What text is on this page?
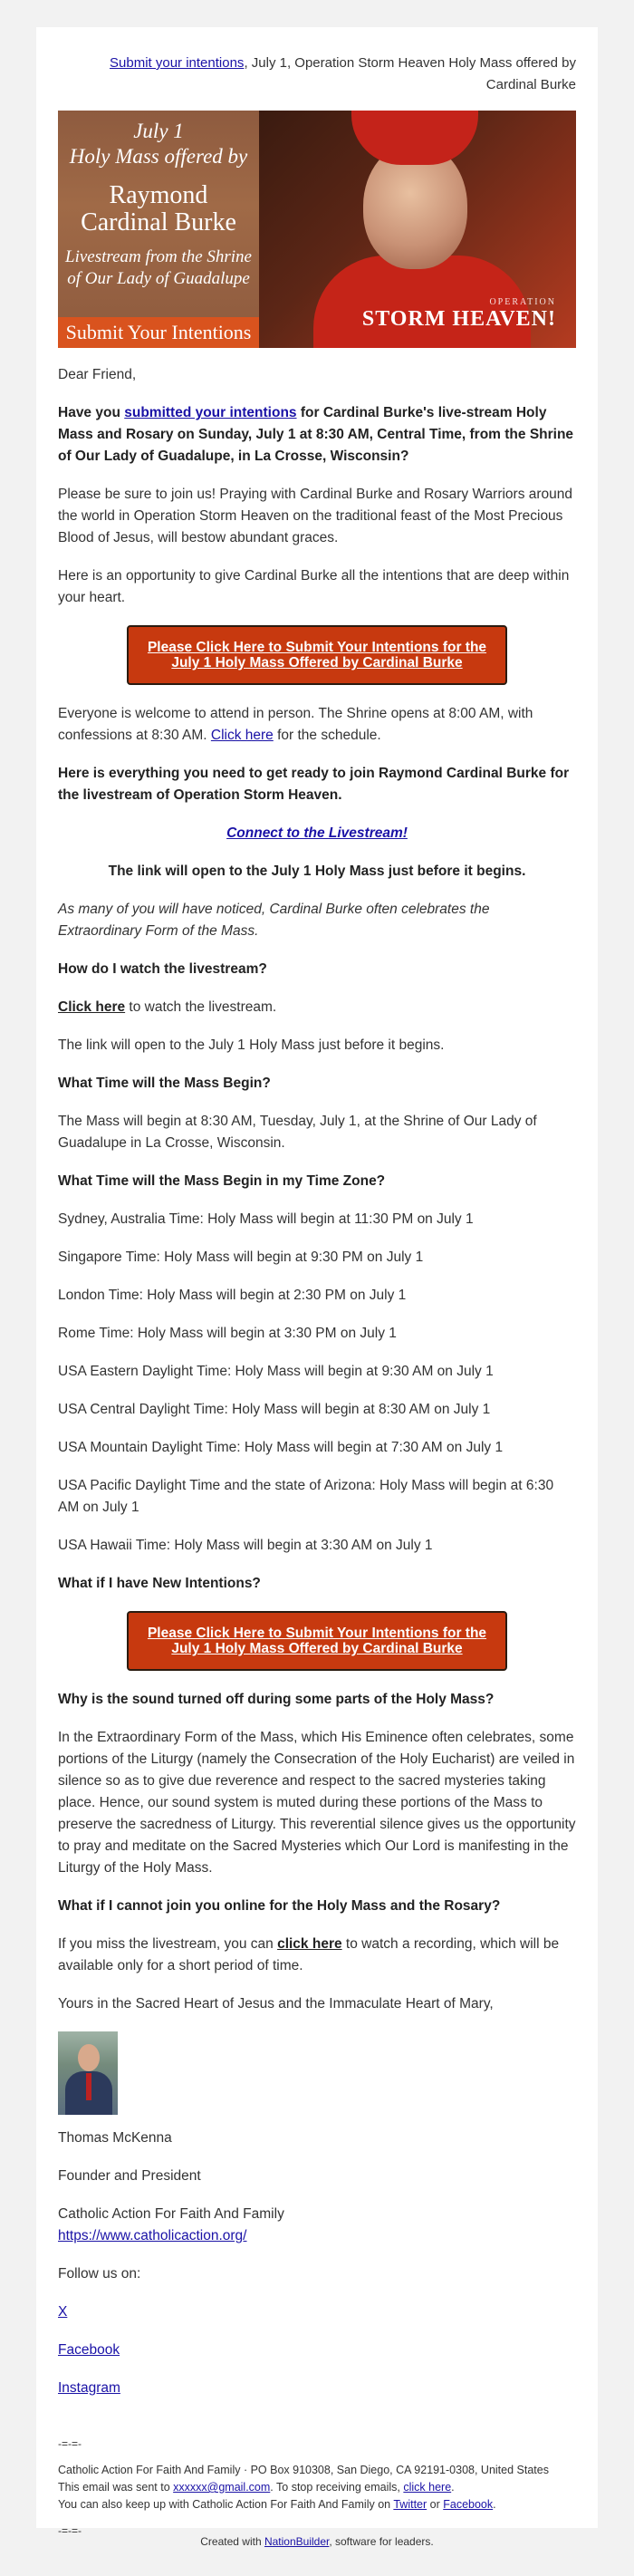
Submit your intentions, July 1, Operation Storm Heaven Holy Mass offered by Cardinal Burke
July 1
Holy Mass offered by
Raymond
Cardinal Burke
Livestream from the Shrine of Our Lady of Guadalupe
Submit Your Intentions
OPERATION
STORM HEAVEN!

Dear Friend,

Have you submitted your intentions for Cardinal Burke's live-stream Holy Mass and Rosary on Sunday, July 1 at 8:30 AM, Central Time, from the Shrine of Our Lady of Guadalupe, in La Crosse, Wisconsin?

Please be sure to join us! Praying with Cardinal Burke and Rosary Warriors around the world in Operation Storm Heaven on the traditional feast of the Most Precious Blood of Jesus, will bestow abundant graces.

Here is an opportunity to give Cardinal Burke all the intentions that are deep within your heart.

Please Click Here to Submit Your Intentions for the July 1 Holy Mass Offered by Cardinal Burke

Everyone is welcome to attend in person. The Shrine opens at 8:00 AM, with confessions at 8:30 AM. Click here for the schedule.

Here is everything you need to get ready to join Raymond Cardinal Burke for the livestream of Operation Storm Heaven.

Connect to the Livestream!

The link will open to the July 1 Holy Mass just before it begins.

As many of you will have noticed, Cardinal Burke often celebrates the Extraordinary Form of the Mass.

How do I watch the livestream?

Click here to watch the livestream.

The link will open to the July 1 Holy Mass just before it begins.

What Time will the Mass Begin?

The Mass will begin at 8:30 AM, Tuesday, July 1, at the Shrine of Our Lady of Guadalupe in La Crosse, Wisconsin.

What Time will the Mass Begin in my Time Zone?

Sydney, Australia Time: Holy Mass will begin at 11:30 PM on July 1

Singapore Time: Holy Mass will begin at 9:30 PM on July 1

London Time: Holy Mass will begin at 2:30 PM on July 1

Rome Time: Holy Mass will begin at 3:30 PM on July 1

USA Eastern Daylight Time: Holy Mass will begin at 9:30 AM on July 1

USA Central Daylight Time: Holy Mass will begin at 8:30 AM on July 1

USA Mountain Daylight Time: Holy Mass will begin at 7:30 AM on July 1

USA Pacific Daylight Time and the state of Arizona: Holy Mass will begin at 6:30 AM on July 1

USA Hawaii Time: Holy Mass will begin at 3:30 AM on July 1

What if I have New Intentions?

Please Click Here to Submit Your Intentions for the July 1 Holy Mass Offered by Cardinal Burke

Why is the sound turned off during some parts of the Holy Mass?

In the Extraordinary Form of the Mass, which His Eminence often celebrates, some portions of the Liturgy (namely the Consecration of the Holy Eucharist) are veiled in silence so as to give due reverence and respect to the sacred mysteries taking place. Hence, our sound system is muted during these portions of the Mass to preserve the sacredness of Liturgy. This reverential silence gives us the opportunity to pray and meditate on the Sacred Mysteries which Our Lord is manifesting in the Liturgy of the Holy Mass.

What if I cannot join you online for the Holy Mass and the Rosary?

If you miss the livestream, you can click here to watch a recording, which will be available only for a short period of time.

Yours in the Sacred Heart of Jesus and the Immaculate Heart of Mary,

Thomas McKenna

Founder and President

Catholic Action For Faith And Family
https://www.catholicaction.org/

Follow us on:

X

Facebook

Instagram

-=-=-

Catholic Action For Faith And Family · PO Box 910308, San Diego, CA 92191-0308, United States

This email was sent to xxxxxx@gmail.com. To stop receiving emails, click here.

You can also keep up with Catholic Action For Faith And Family on Twitter or Facebook.

-=-=-
Created with NationBuilder, software for leaders.
